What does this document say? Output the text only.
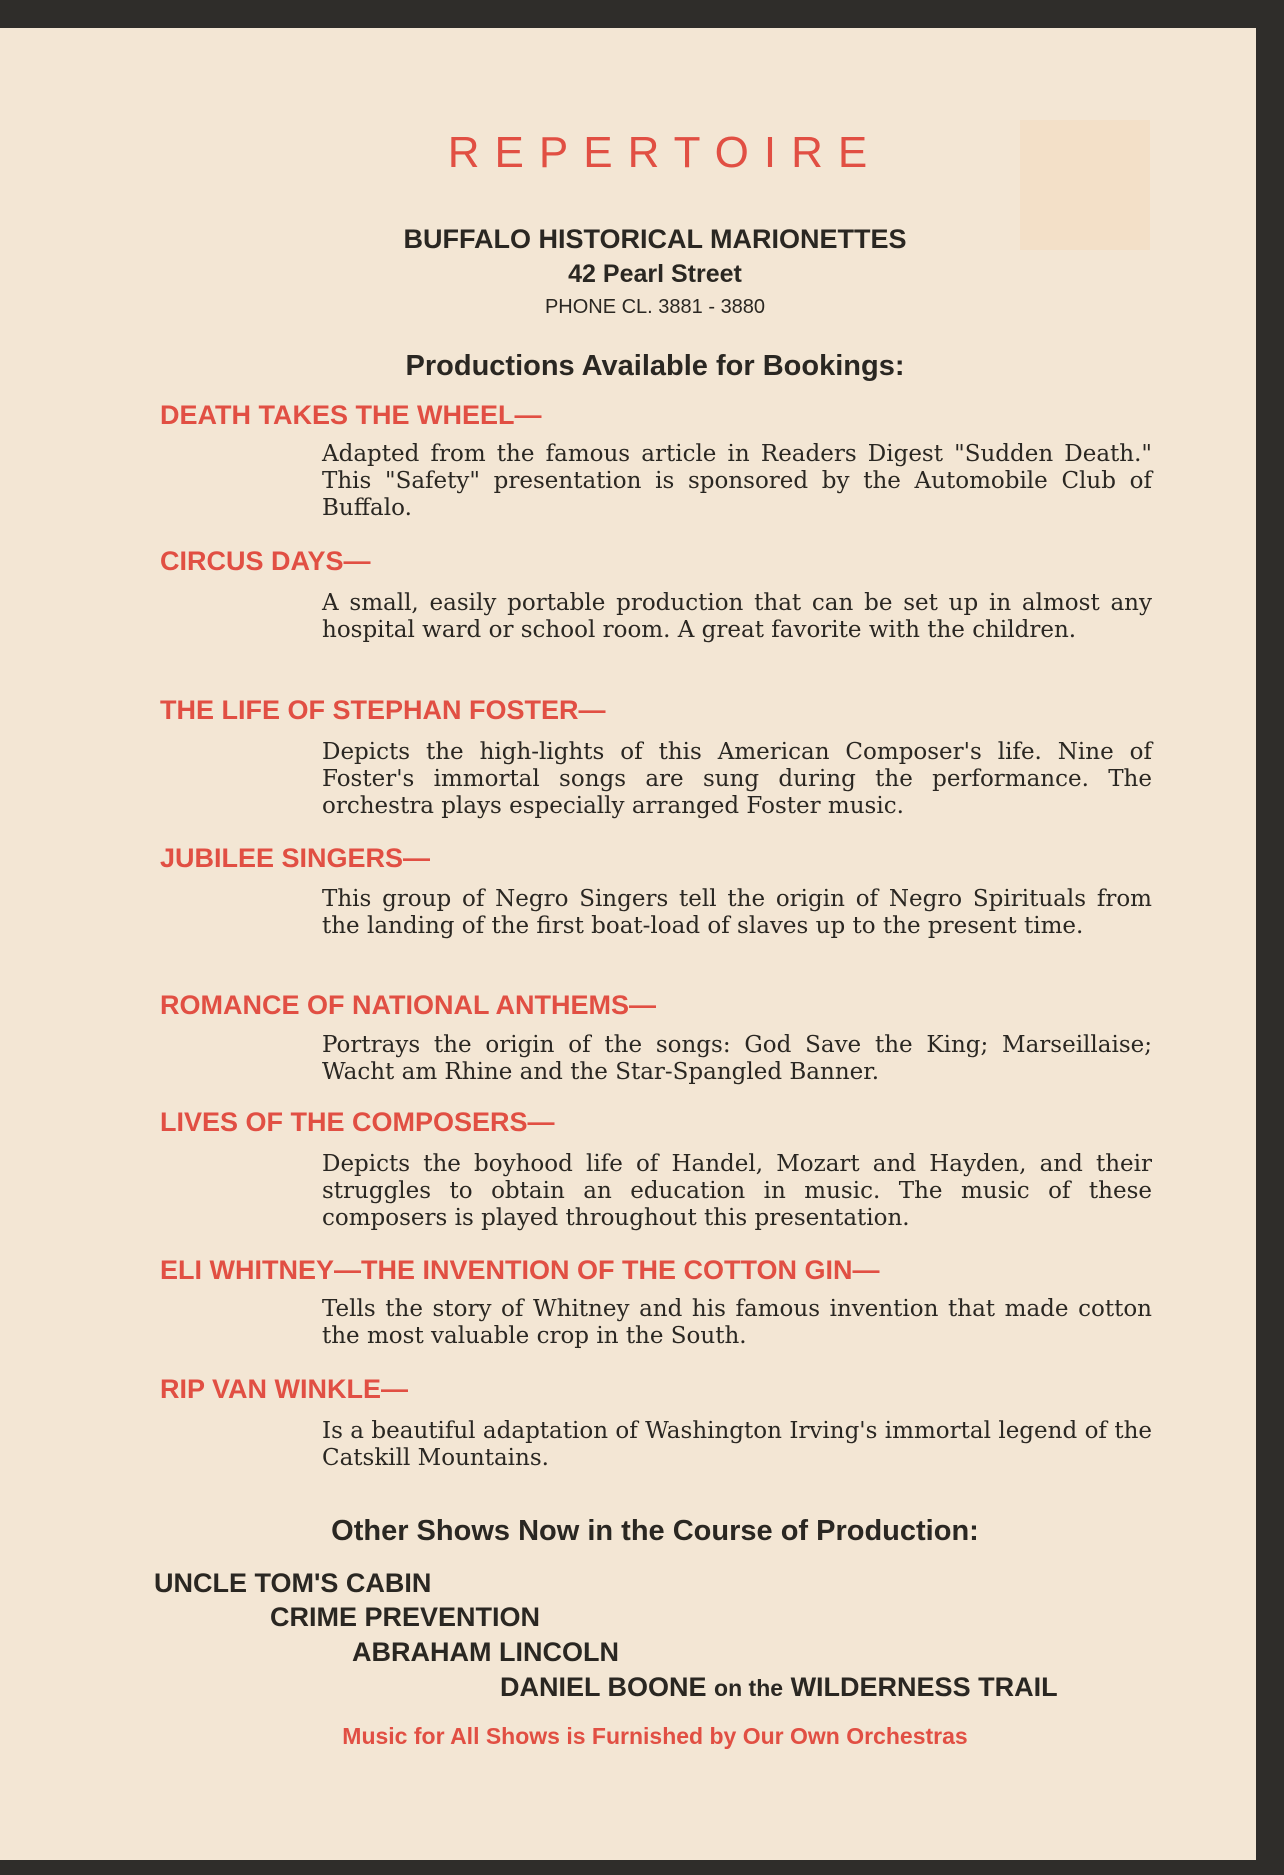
REPERTOIRE
BUFFALO HISTORICAL MARIONETTES
42 Pearl Street
PHONE CL. 3881 - 3880
Productions Available for Bookings:
DEATH TAKES THE WHEEL—
Adapted from the famous article in Readers Digest "Sudden Death." This "Safety" presentation is sponsored by the Automobile Club of Buffalo.
CIRCUS DAYS—
A small, easily portable production that can be set up in almost any hospital ward or school room. A great favorite with the children.
THE LIFE OF STEPHAN FOSTER—
Depicts the high-lights of this American Composer's life. Nine of Foster's immortal songs are sung during the performance. The orchestra plays especially arranged Foster music.
JUBILEE SINGERS—
This group of Negro Singers tell the origin of Negro Spirituals from the landing of the first boat-load of slaves up to the present time.
ROMANCE OF NATIONAL ANTHEMS—
Portrays the origin of the songs: God Save the King; Marseillaise; Wacht am Rhine and the Star-Spangled Banner.
LIVES OF THE COMPOSERS—
Depicts the boyhood life of Handel, Mozart and Hayden, and their struggles to obtain an education in music. The music of these composers is played throughout this presentation.
ELI WHITNEY—THE INVENTION OF THE COTTON GIN—
Tells the story of Whitney and his famous invention that made cotton the most valuable crop in the South.
RIP VAN WINKLE—
Is a beautiful adaptation of Washington Irving's immortal legend of the Catskill Mountains.
Other Shows Now in the Course of Production:
UNCLE TOM'S CABIN
CRIME PREVENTION
ABRAHAM LINCOLN
DANIEL BOONE on the WILDERNESS TRAIL
Music for All Shows is Furnished by Our Own Orchestras
